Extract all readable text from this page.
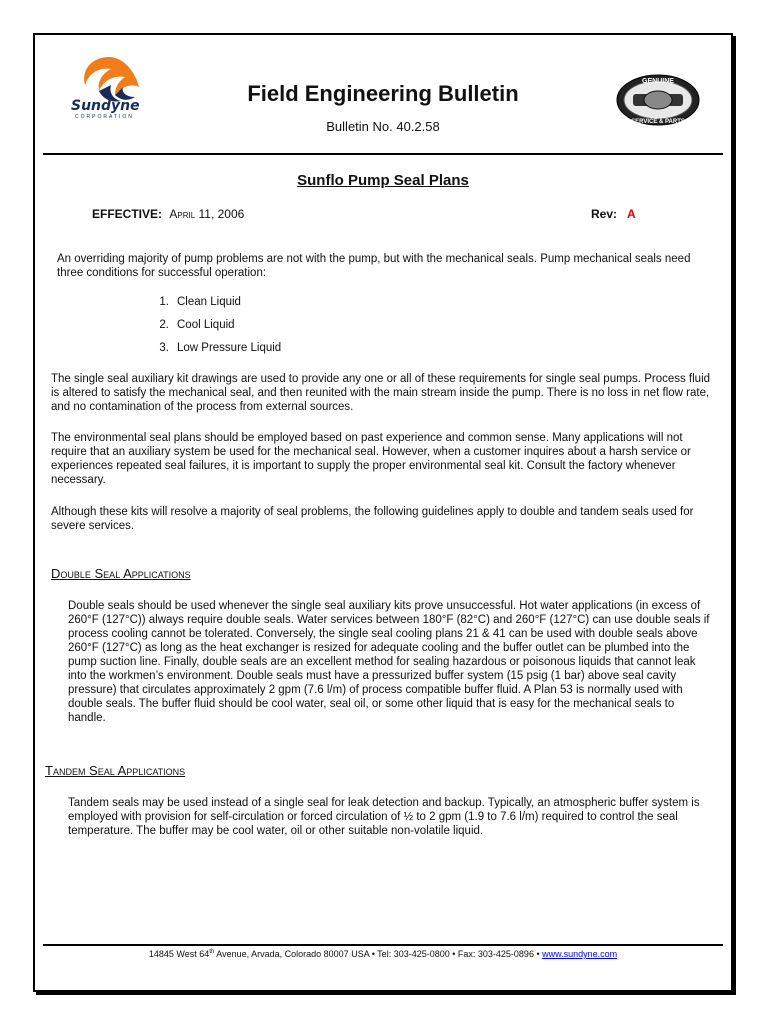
Sundyne
CORPORATION
Field Engineering Bulletin
Bulletin No. 40.2.58
GENUINE
SERVICE & PARTS
Sunflo Pump Seal Plans
EFFECTIVE: April 11, 2006	Rev: A

An overriding majority of pump problems are not with the pump, but with the mechanical seals. Pump mechanical seals need three conditions for successful operation:

1. Clean Liquid
2. Cool Liquid
3. Low Pressure Liquid

The single seal auxiliary kit drawings are used to provide any one or all of these requirements for single seal pumps. Process fluid is altered to satisfy the mechanical seal, and then reunited with the main stream inside the pump. There is no loss in net flow rate, and no contamination of the process from external sources.

The environmental seal plans should be employed based on past experience and common sense. Many applications will not require that an auxiliary system be used for the mechanical seal. However, when a customer inquires about a harsh service or experiences repeated seal failures, it is important to supply the proper environmental seal kit. Consult the factory whenever necessary.

Although these kits will resolve a majority of seal problems, the following guidelines apply to double and tandem seals used for severe services.

Double Seal Applications

Double seals should be used whenever the single seal auxiliary kits prove unsuccessful. Hot water applications (in excess of 260°F (127°C)) always require double seals. Water services between 180°F (82°C) and 260°F (127°C) can use double seals if process cooling cannot be tolerated. Conversely, the single seal cooling plans 21 & 41 can be used with double seals above 260°F (127°C) as long as the heat exchanger is resized for adequate cooling and the buffer outlet can be plumbed into the pump suction line. Finally, double seals are an excellent method for sealing hazardous or poisonous liquids that cannot leak into the workmen’s environment. Double seals must have a pressurized buffer system (15 psig (1 bar) above seal cavity pressure) that circulates approximately 2 gpm (7.6 l/m) of process compatible buffer fluid. A Plan 53 is normally used with double seals. The buffer fluid should be cool water, seal oil, or some other liquid that is easy for the mechanical seals to handle.

Tandem Seal Applications

Tandem seals may be used instead of a single seal for leak detection and backup. Typically, an atmospheric buffer system is employed with provision for self-circulation or forced circulation of ½ to 2 gpm (1.9 to 7.6 l/m) required to control the seal temperature. The buffer may be cool water, oil or other suitable non-volatile liquid.

14845 West 64th Avenue, Arvada, Colorado 80007 USA • Tel: 303-425-0800 • Fax: 303-425-0896 • www.sundyne.com
